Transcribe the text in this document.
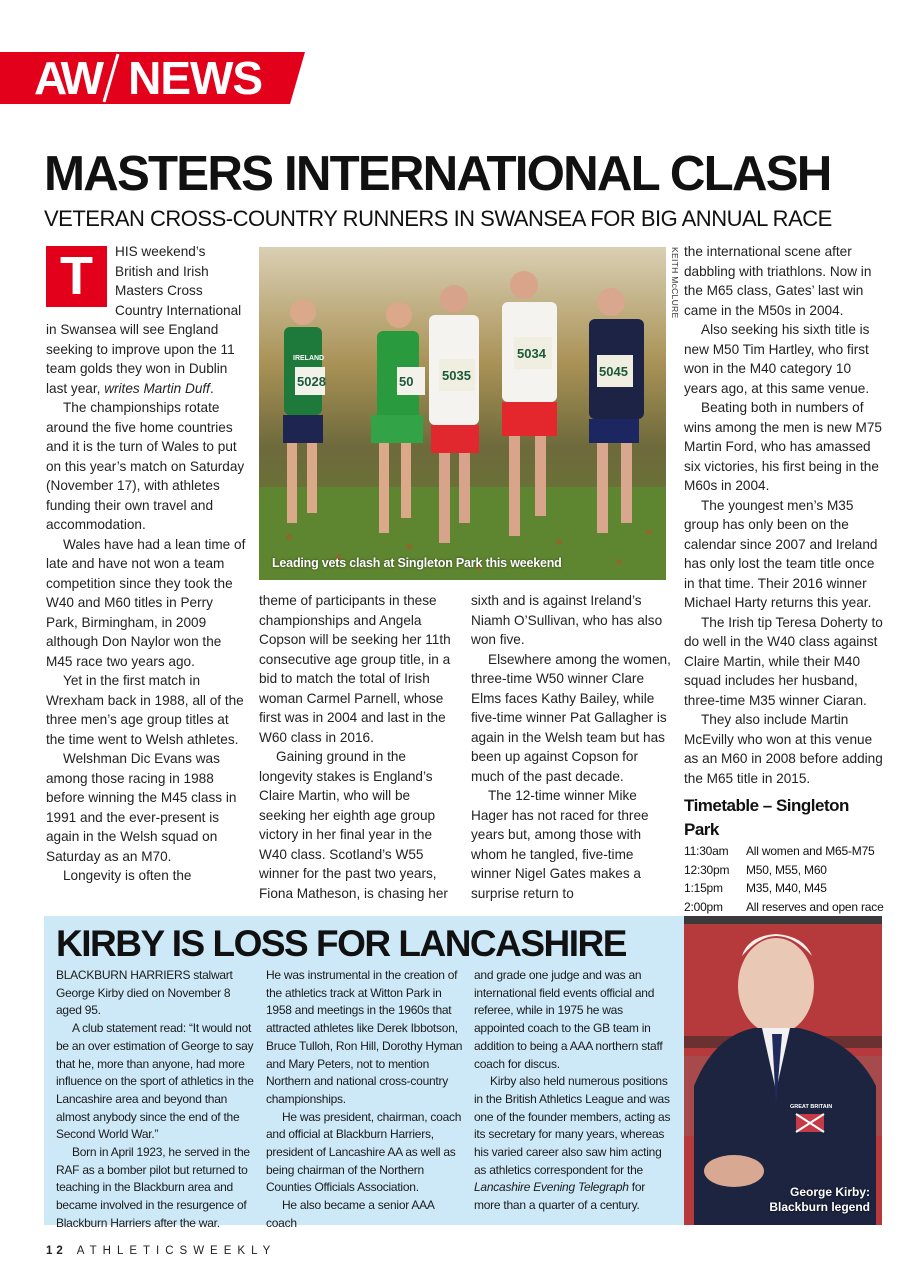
AW NEWS
MASTERS INTERNATIONAL CLASH
VETERAN CROSS-COUNTRY RUNNERS IN SWANSEA FOR BIG ANNUAL RACE
T	HIS weekend’s British and Irish Masters Cross Country International in Swansea will see England seeking to improve upon the 11 team golds they won in Dublin last year, writes Martin Duff.

The championships rotate around the five home countries and it is the turn of Wales to put on this year’s match on Saturday (November 17), with athletes funding their own travel and accommodation.

Wales have had a lean time of late and have not won a team competition since they took the W40 and M60 titles in Perry Park, Birmingham, in 2009 although Don Naylor won the M45 race two years ago.

Yet in the first match in Wrexham back in 1988, all of the three men’s age group titles at the time went to Welsh athletes.

Welshman Dic Evans was among those racing in 1988 before winning the M45 class in 1991 and the ever-present is again in the Welsh squad on Saturday as an M70.

Longevity is often the

5028	50 5035
5034
5045
IRELAND
KEITH McCLURE
Leading vets clash at Singleton Park this weekend

theme of participants in these championships and Angela Copson will be seeking her 11th consecutive age group title, in a bid to match the total of Irish woman Carmel Parnell, whose first was in 2004 and last in the W60 class in 2016.

Gaining ground in the longevity stakes is England’s Claire Martin, who will be seeking her eighth age group victory in her final year in the W40 class. Scotland’s W55 winner for the past two years, Fiona Matheson, is chasing her

sixth and is against Ireland’s Niamh O’Sullivan, who has also won five.

Elsewhere among the women, three-time W50 winner Clare Elms faces Kathy Bailey, while five-time winner Pat Gallagher is again in the Welsh team but has been up against Copson for much of the past decade.

The 12-time winner Mike Hager has not raced for three years but, among those with whom he tangled, five-time winner Nigel Gates makes a surprise return to

the international scene after dabbling with triathlons. Now in the M65 class, Gates’ last win came in the M50s in 2004.

Also seeking his sixth title is new M50 Tim Hartley, who first won in the M40 category 10 years ago, at this same venue.

Beating both in numbers of wins among the men is new M75 Martin Ford, who has amassed six victories, his first being in the M60s in 2004.

The youngest men’s M35 group has only been on the calendar since 2007 and Ireland has only lost the team title once in that time. Their 2016 winner Michael Harty returns this year.

The Irish tip Teresa Doherty to do well in the W40 class against Claire Martin, while their M40 squad includes her husband, three-time M35 winner Ciaran.

They also include Martin McEvilly who won at this venue as an M60 in 2008 before adding the M65 title in 2015.

Timetable – Singleton Park
11:30am	All women and M65-M75
12:30pm	M50, M55, M60
1:15pm	M35, M40, M45
2:00pm	All reserves and open race
KIRBY IS LOSS FOR LANCASHIRE

BLACKBURN HARRIERS stalwart George Kirby died on November 8 aged 95.

A club statement read: “It would not be an over estimation of George to say that he, more than anyone, had more influence on the sport of athletics in the Lancashire area and beyond than almost anybody since the end of the Second World War.”

Born in April 1923, he served in the RAF as a bomber pilot but returned to teaching in the Blackburn area and became involved in the resurgence of Blackburn Harriers after the war.

He was instrumental in the creation of the athletics track at Witton Park in 1958 and meetings in the 1960s that attracted athletes like Derek Ibbotson, Bruce Tulloh, Ron Hill, Dorothy Hyman and Mary Peters, not to mention Northern and national cross-country championships.

He was president, chairman, coach and official at Blackburn Harriers, president of Lancashire AA as well as being chairman of the Northern Counties Officials Association.

He also became a senior AAA coach

and grade one judge and was an international field events official and referee, while in 1975 he was appointed coach to the GB team in addition to being a AAA northern staff coach for discus.

Kirby also held numerous positions in the British Athletics League and was one of the founder members, acting as its secretary for many years, whereas his varied career also saw him acting as athletics correspondent for the Lancashire Evening Telegraph for more than a quarter of a century.

GREAT BRITAIN
George Kirby:
Blackburn legend
12 ATHLETICSWEEKLY
